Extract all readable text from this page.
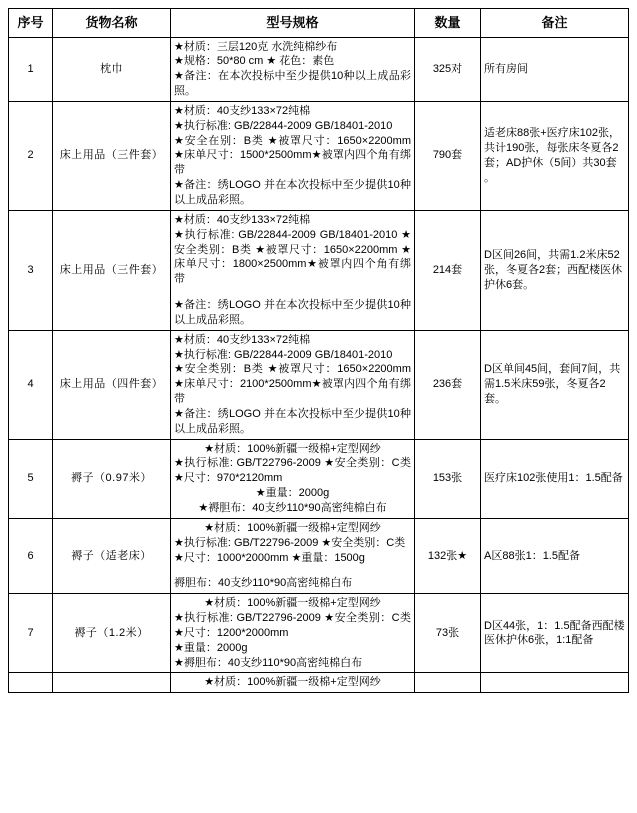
序号	货物名称	型号规格	数量	备注
1	枕巾	★材质：三层120克 水洗纯棉纱布
★规格：50*80 cm ★ 花色：素色
★备注：在本次投标中至少提供10种以上成品彩照。	325对	所有房间
2	床上用品（三件套）	★材质：40支纱133×72纯棉
★执行标准: GB/22844-2009 GB/18401-2010
★安全在别：B类 ★被罩尺寸：1650×2200mm ★床单尺寸：1500*2500mm★被罩内四个角有绑带
★备注：绣LOGO 并在本次投标中至少提供10种以上成品彩照。	790套	适老床88张+医疗床102张，共计190张，每张床冬夏各2套；AD护休（5间）共30套 。
3	床上用品（三件套）	★材质：40支纱133×72纯棉
★执行标准: GB/22844-2009 GB/18401-2010 ★安全类别：B类 ★被罩尺寸：1650×2200mm ★床单尺寸：1800×2500mm★被罩内四个角有绑带
★备注：绣LOGO 并在本次投标中至少提供10种以上成品彩照。	214套	D区间26间，共需1.2米床52张，冬夏各2套；西配楼医休护休6套。
4	床上用品（四件套）	★材质：40支纱133×72纯棉
★执行标准: GB/22844-2009 GB/18401-2010
★安全类别：B类 ★被罩尺寸：1650×2200mm ★床单尺寸：2100*2500mm★被罩内四个角有绑带
★备注：绣LOGO 并在本次投标中至少提供10种以上成品彩照。	236套	D区单间45间，套间7间，共需1.5米床59张，冬夏各2套。
5	褥子（0.97米）	★材质：100%新疆一级棉+定型网纱
★执行标准: GB/T22796-2009 ★安全类别：C类 ★尺寸：970*2120mm
★重量：2000g
★褥胆布：40支纱110*90高密纯棉白布	153张	医疗床102张使用1：1.5配备
6	褥子（适老床）	★材质：100%新疆一级棉+定型网纱
★执行标准: GB/T22796-2009 ★安全类别：C类
★尺寸：1000*2000mm ★重量：1500g
褥胆布：40支纱110*90高密纯棉白布	132张★	A区88张1：1.5配备
7	褥子（1.2米）	★材质：100%新疆一级棉+定型网纱
★执行标准: GB/T22796-2009 ★安全类别：C类 ★尺寸：1200*2000mm
★重量：2000g
★褥胆布：40支纱110*90高密纯棉白布	73张	D区44张，1：1.5配备西配楼医休护休6张，1:1配备

		★材质：100%新疆一级棉+定型网纱		
